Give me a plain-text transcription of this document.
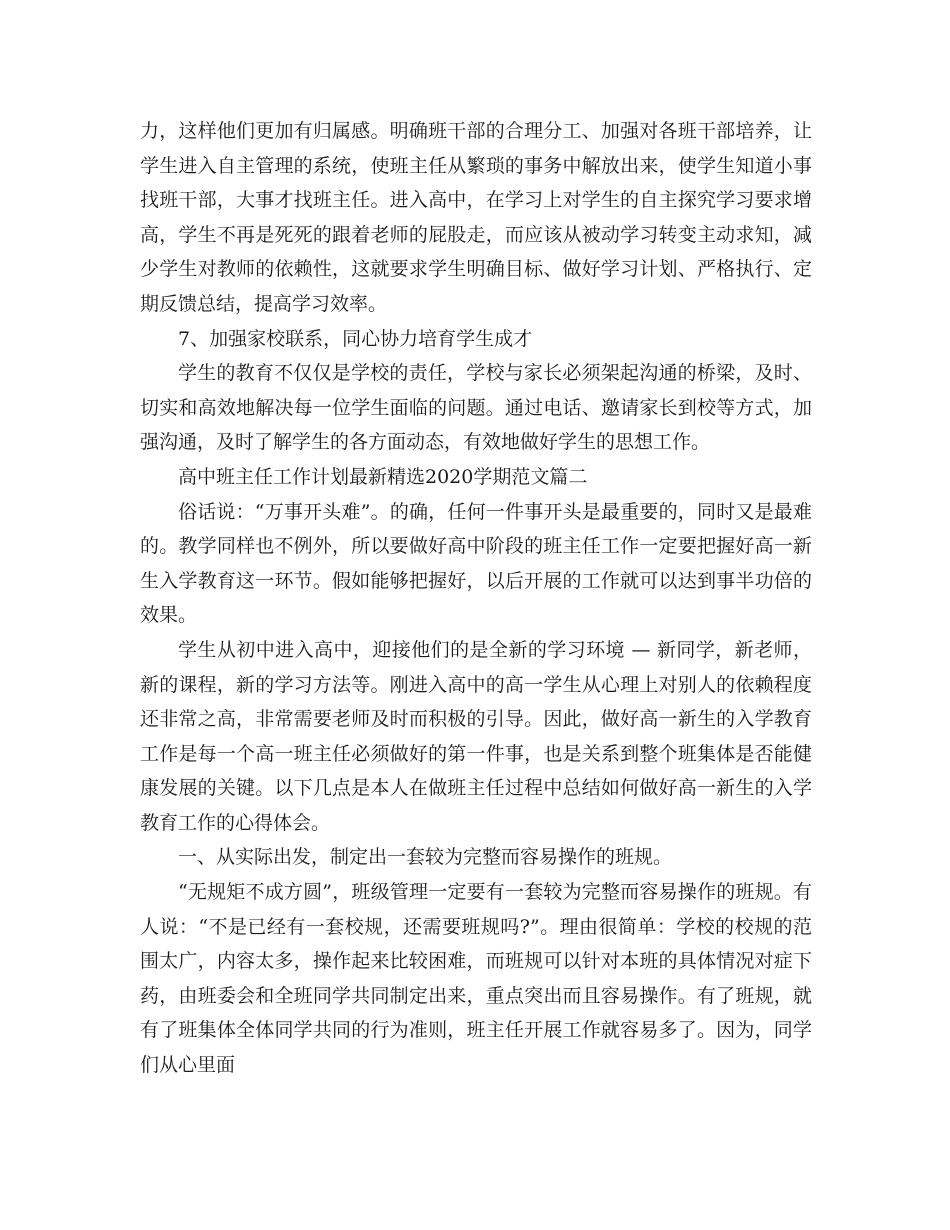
力，这样他们更加有归属感。明确班干部的合理分工、加强对各班干部培养，让学生进入自主管理的系统，使班主任从繁琐的事务中解放出来，使学生知道小事找班干部，大事才找班主任。进入高中，在学习上对学生的自主探究学习要求增高，学生不再是死死的跟着老师的屁股走，而应该从被动学习转变主动求知，减少学生对教师的依赖性，这就要求学生明确目标、做好学习计划、严格执行、定期反馈总结，提高学习效率。

7、加强家校联系，同心协力培育学生成才

学生的教育不仅仅是学校的责任，学校与家长必须架起沟通的桥梁，及时、切实和高效地解决每一位学生面临的问题。通过电话、邀请家长到校等方式，加强沟通，及时了解学生的各方面动态，有效地做好学生的思想工作。

高中班主任工作计划最新精选2020学期范文篇二

俗话说：“万事开头难”。的确，任何一件事开头是最重要的，同时又是最难的。教学同样也不例外，所以要做好高中阶段的班主任工作一定要把握好高一新生入学教育这一环节。假如能够把握好，以后开展的工作就可以达到事半功倍的效果。

学生从初中进入高中，迎接他们的是全新的学习环境 — 新同学，新老师，新的课程，新的学习方法等。刚进入高中的高一学生从心理上对别人的依赖程度还非常之高，非常需要老师及时而积极的引导。因此，做好高一新生的入学教育工作是每一个高一班主任必须做好的第一件事，也是关系到整个班集体是否能健康发展的关键。以下几点是本人在做班主任过程中总结如何做好高一新生的入学教育工作的心得体会。

一、从实际出发，制定出一套较为完整而容易操作的班规。

“无规矩不成方圆”，班级管理一定要有一套较为完整而容易操作的班规。有人说：“不是已经有一套校规，还需要班规吗?”。理由很简单：学校的校规的范围太广，内容太多，操作起来比较困难，而班规可以针对本班的具体情况对症下药，由班委会和全班同学共同制定出来，重点突出而且容易操作。有了班规，就有了班集体全体同学共同的行为准则，班主任开展工作就容易多了。因为，同学们从心里面
